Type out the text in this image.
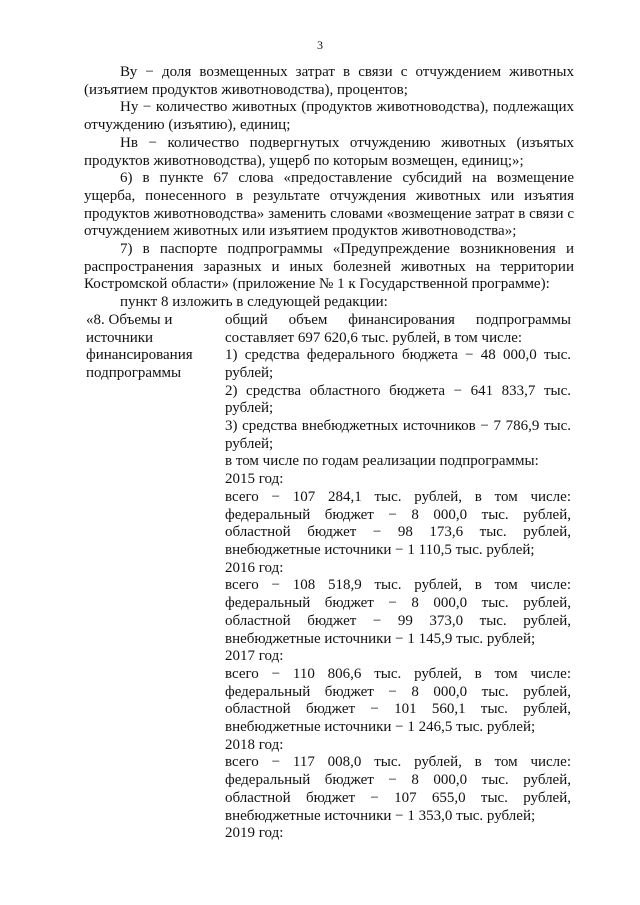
3

Ву − доля возмещенных затрат в связи с отчуждением животных (изъятием продуктов животноводства), процентов;

Ну − количество животных (продуктов животноводства), подлежащих отчуждению (изъятию), единиц;

Нв − количество подвергнутых отчуждению животных (изъятых продуктов животноводства), ущерб по которым возмещен, единиц;»;

6) в пункте 67 слова «предоставление субсидий на возмещение ущерба, понесенного в результате отчуждения животных или изъятия продуктов животноводства» заменить словами «возмещение затрат в связи с отчуждением животных или изъятием продуктов животноводства»;

7) в паспорте подпрограммы «Предупреждение возникновения и распространения заразных и иных болезней животных на территории Костромской области» (приложение № 1 к Государственной программе):

пункт 8 изложить в следующей редакции:

«8. Объемы и
источники
финансирования
подпрограммы
общий объем финансирования подпрограммы составляет 697 620,6 тыс. рублей, в том числе:
1) средства федерального бюджета − 48 000,0 тыс. рублей;
2) средства областного бюджета − 641 833,7 тыс. рублей;
3) средства внебюджетных источников − 7 786,9 тыс. рублей;
в том числе по годам реализации подпрограммы:
2015 год:
всего − 107 284,1 тыс. рублей, в том числе:
федеральный бюджет − 8 000,0 тыс. рублей,
областной бюджет − 98 173,6 тыс. рублей,
внебюджетные источники − 1 110,5 тыс. рублей;
2016 год:
всего − 108 518,9 тыс. рублей, в том числе:
федеральный бюджет − 8 000,0 тыс. рублей,
областной бюджет − 99 373,0 тыс. рублей,
внебюджетные источники − 1 145,9 тыс. рублей;
2017 год:
всего − 110 806,6 тыс. рублей, в том числе:
федеральный бюджет − 8 000,0 тыс. рублей,
областной бюджет − 101 560,1 тыс. рублей,
внебюджетные источники − 1 246,5 тыс. рублей;
2018 год:
всего − 117 008,0 тыс. рублей, в том числе:
федеральный бюджет − 8 000,0 тыс. рублей,
областной бюджет − 107 655,0 тыс. рублей,
внебюджетные источники − 1 353,0 тыс. рублей;
2019 год:
